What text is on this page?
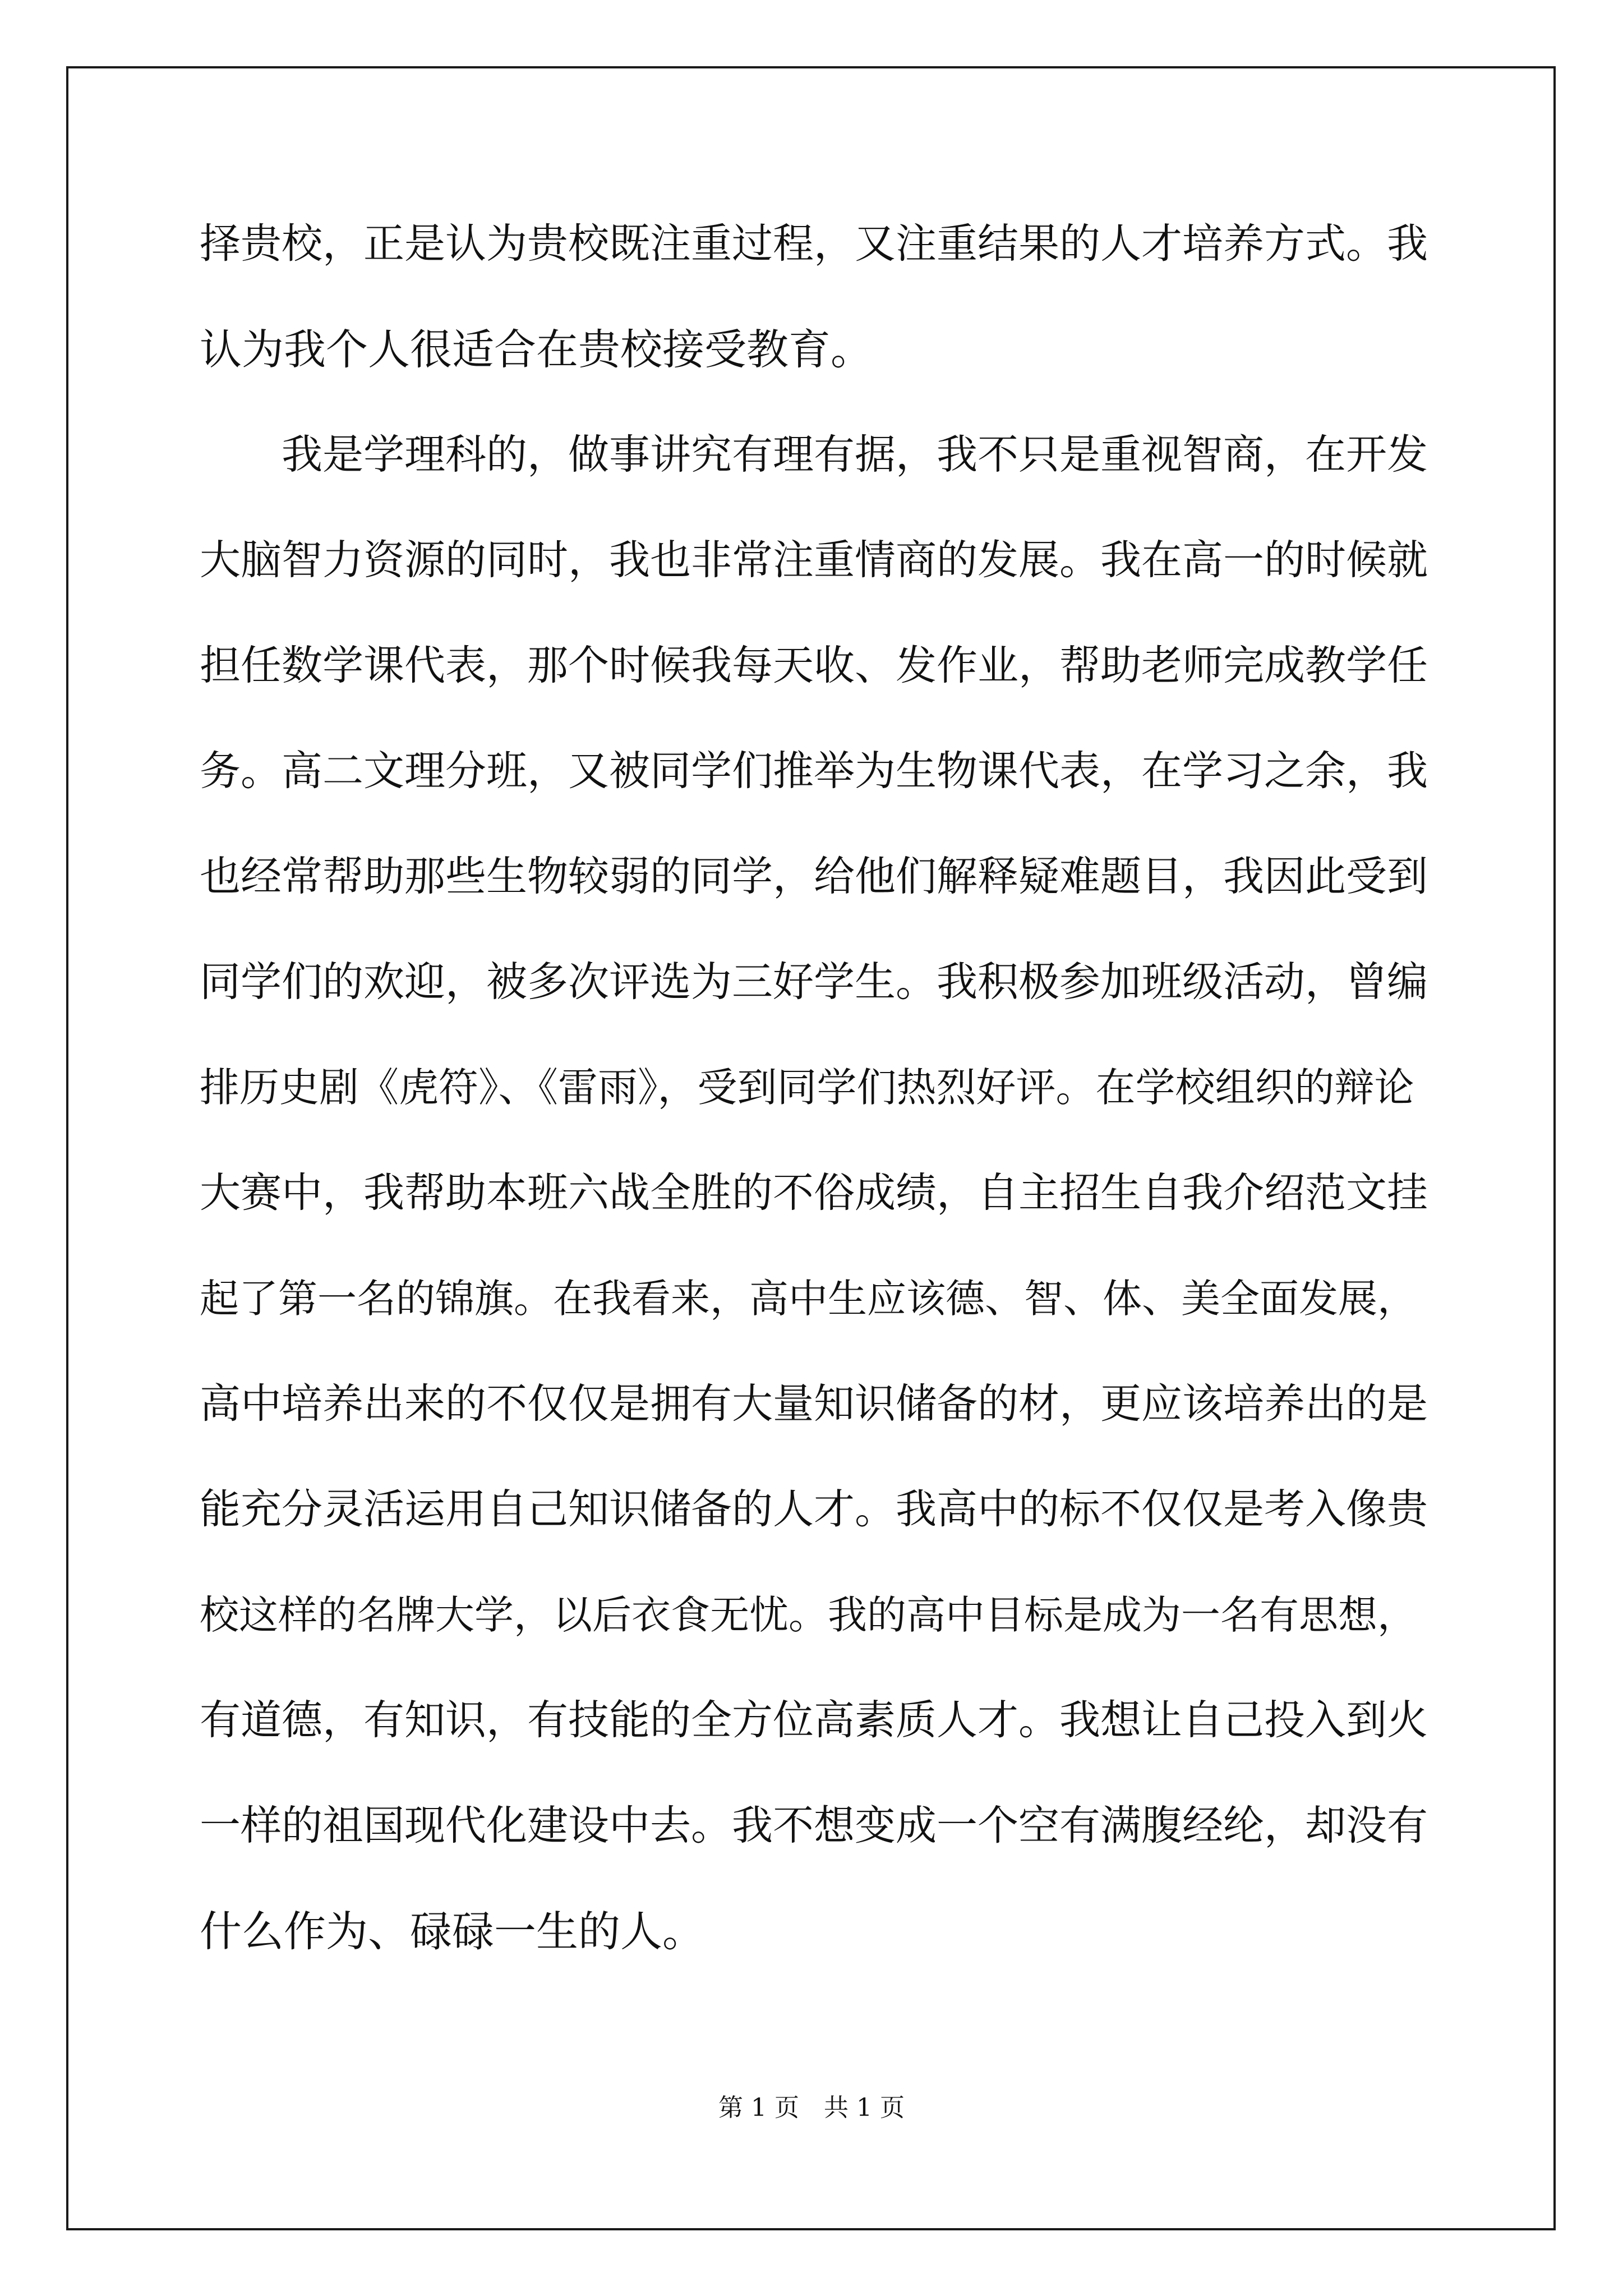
择贵校，正是认为贵校既注重过程，又注重结果的人才培养方式。我
认为我个人很适合在贵校接受教育。
　　我是学理科的，做事讲究有理有据，我不只是重视智商，在开发
大脑智力资源的同时，我也非常注重情商的发展。我在高一的时候就
担任数学课代表，那个时候我每天收、发作业，帮助老师完成教学任
务。高二文理分班，又被同学们推举为生物课代表，在学习之余，我
也经常帮助那些生物较弱的同学，给他们解释疑难题目，我因此受到
同学们的欢迎，被多次评选为三好学生。我积极参加班级活动，曾编
排历史剧《虎符》、《雷雨》，受到同学们热烈好评。在学校组织的辩论
大赛中，我帮助本班六战全胜的不俗成绩，自主招生自我介绍范文挂
起了第一名的锦旗。在我看来，高中生应该德、智、体、美全面发展，
高中培养出来的不仅仅是拥有大量知识储备的材，更应该培养出的是
能充分灵活运用自己知识储备的人才。我高中的标不仅仅是考入像贵
校这样的名牌大学，以后衣食无忧。我的高中目标是成为一名有思想，
有道德，有知识，有技能的全方位高素质人才。我想让自己投入到火
一样的祖国现代化建设中去。我不想变成一个空有满腹经纶，却没有
什么作为、碌碌一生的人。
第 1 页　共 1 页
